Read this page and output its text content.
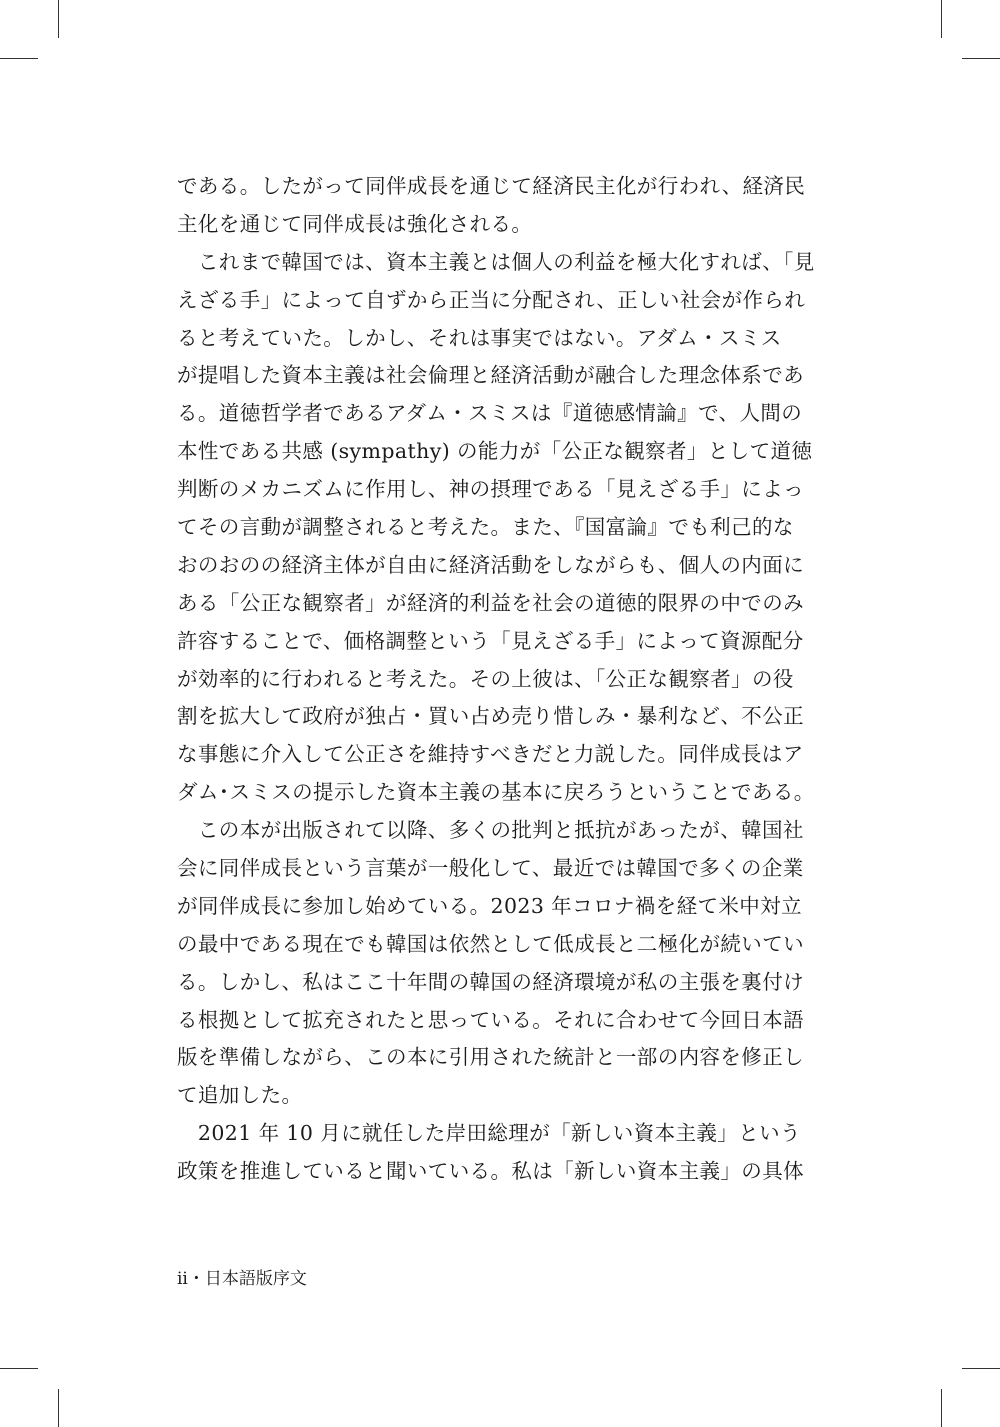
である。したがって同伴成長を通じて経済民主化が行われ、経済民
主化を通じて同伴成長は強化される。
　これまで韓国では、資本主義とは個人の利益を極大化すれば、「見
えざる手」によって自ずから正当に分配され、正しい社会が作られ
ると考えていた。しかし、それは事実ではない。アダム・スミス
が提唱した資本主義は社会倫理と経済活動が融合した理念体系であ
る。道徳哲学者であるアダム・スミスは『道徳感情論』で、人間の
本性である共感 (sympathy) の能力が「公正な観察者」として道徳
判断のメカニズムに作用し、神の摂理である「見えざる手」によっ
てその言動が調整されると考えた。また、『国富論』でも利己的な
おのおのの経済主体が自由に経済活動をしながらも、個人の内面に
ある「公正な観察者」が経済的利益を社会の道徳的限界の中でのみ
許容することで、価格調整という「見えざる手」によって資源配分
が効率的に行われると考えた。その上彼は、「公正な観察者」の役
割を拡大して政府が独占・買い占め売り惜しみ・暴利など、不公正
な事態に介入して公正さを維持すべきだと力説した。同伴成長はア
ダム･スミスの提示した資本主義の基本に戻ろうということである。
　この本が出版されて以降、多くの批判と抵抗があったが、韓国社
会に同伴成長という言葉が一般化して、最近では韓国で多くの企業
が同伴成長に参加し始めている。2023 年コロナ禍を経て米中対立
の最中である現在でも韓国は依然として低成長と二極化が続いてい
る。しかし、私はここ十年間の韓国の経済環境が私の主張を裏付け
る根拠として拡充されたと思っている。それに合わせて今回日本語
版を準備しながら、この本に引用された統計と一部の内容を修正し
て追加した。
　2021 年 10 月に就任した岸田総理が「新しい資本主義」という
政策を推進していると聞いている。私は「新しい資本主義」の具体
ii・日本語版序文
